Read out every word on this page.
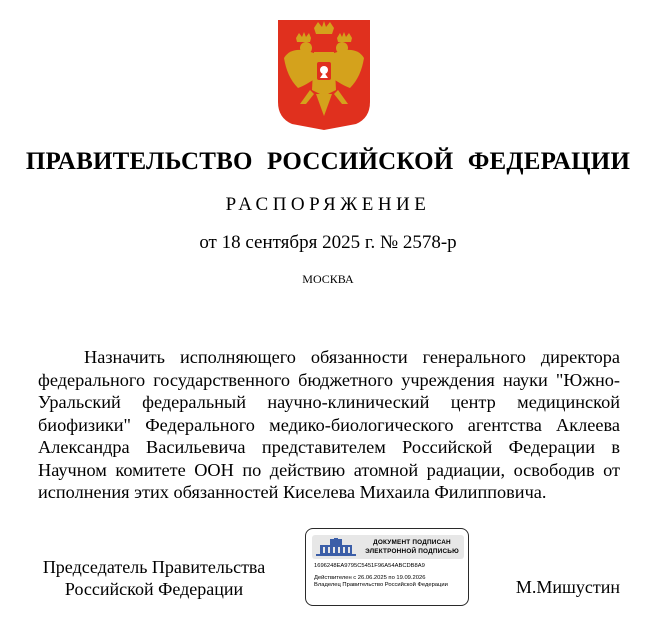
ПРАВИТЕЛЬСТВО РОССИЙСКОЙ ФЕДЕРАЦИИ
РАСПОРЯЖЕНИЕ
от 18 сентября 2025 г. № 2578-р
МОСКВА

Назначить исполняющего обязанности генерального директора федерального государственного бюджетного учреждения науки "Южно-Уральский федеральный научно-клинический центр медицинской биофизики" Федерального медико-биологического агентства Аклеева Александра Васильевича представителем Российской Федерации в Научном комитете ООН по действию атомной радиации, освободив от исполнения этих обязанностей Киселева Михаила Филипповича.

Председатель Правительства
Российской Федерации
ДОКУМЕНТ ПОДПИСАН
ЭЛЕКТРОННОЙ ПОДПИСЬЮ
1696248EA9795C5451F96A54ABCDB8A9
Действителен с 26.06.2025 по 19.09.2026
Владелец Правительство Российской Федерации	М.Мишустин
